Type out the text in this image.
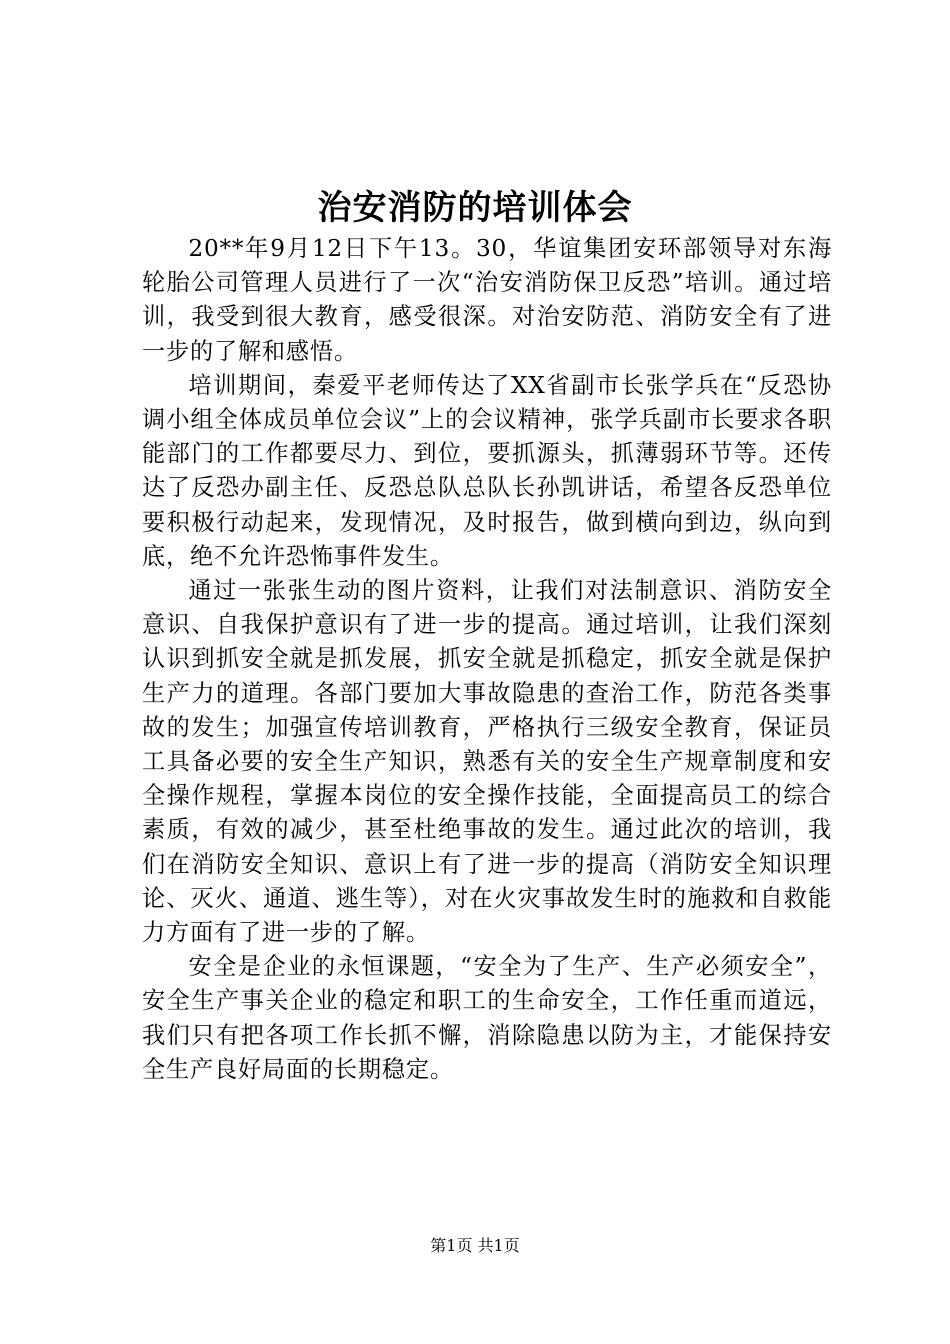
治安消防的培训体会

20**年9月12日下午13。30，华谊集团安环部领导对东海轮胎公司管理人员进行了一次“治安消防保卫反恐”培训。通过培训，我受到很大教育，感受很深。对治安防范、消防安全有了进一步的了解和感悟。

培训期间，秦爱平老师传达了XX省副市长张学兵在“反恐协调小组全体成员单位会议”上的会议精神，张学兵副市长要求各职能部门的工作都要尽力、到位，要抓源头，抓薄弱环节等。还传达了反恐办副主任、反恐总队总队长孙凯讲话，希望各反恐单位要积极行动起来，发现情况，及时报告，做到横向到边，纵向到底，绝不允许恐怖事件发生。

通过一张张生动的图片资料，让我们对法制意识、消防安全意识、自我保护意识有了进一步的提高。通过培训，让我们深刻认识到抓安全就是抓发展，抓安全就是抓稳定，抓安全就是保护生产力的道理。各部门要加大事故隐患的查治工作，防范各类事故的发生；加强宣传培训教育，严格执行三级安全教育，保证员工具备必要的安全生产知识，熟悉有关的安全生产规章制度和安全操作规程，掌握本岗位的安全操作技能，全面提高员工的综合素质，有效的减少，甚至杜绝事故的发生。通过此次的培训，我们在消防安全知识、意识上有了进一步的提高（消防安全知识理论、灭火、通道、逃生等），对在火灾事故发生时的施救和自救能力方面有了进一步的了解。

安全是企业的永恒课题，“安全为了生产、生产必须安全”，安全生产事关企业的稳定和职工的生命安全，工作任重而道远，我们只有把各项工作长抓不懈，消除隐患以防为主，才能保持安全生产良好局面的长期稳定。

第1页 共1页
